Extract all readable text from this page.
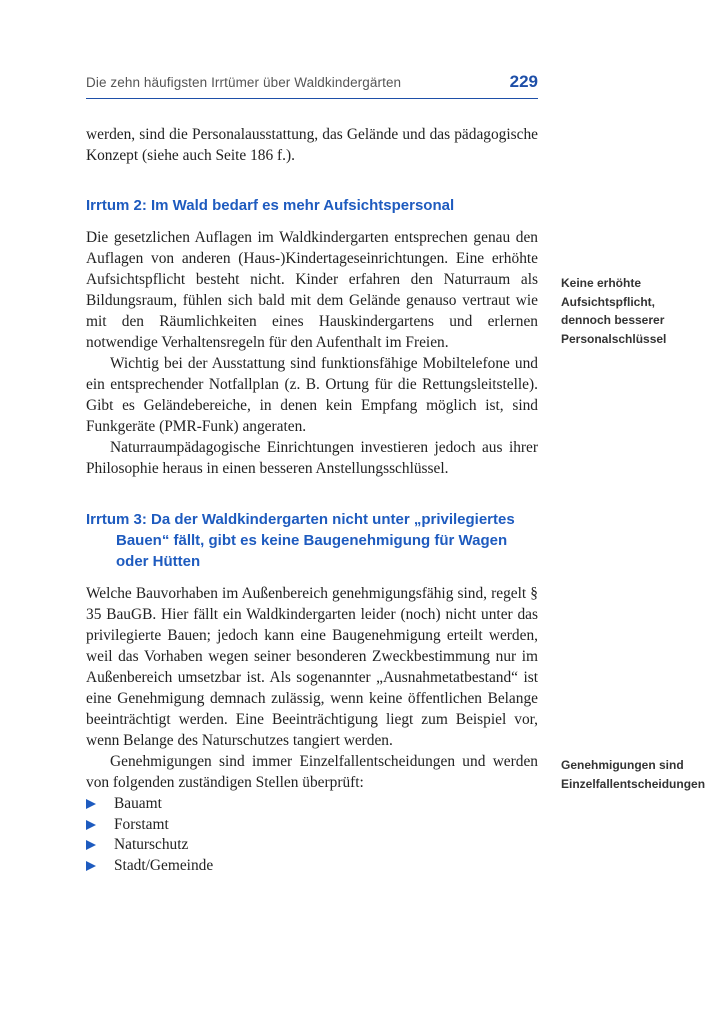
Die zehn häufigsten Irrtümer über Waldkindergärten	229

werden, sind die Personalausstattung, das Gelände und das pädagogische Konzept (siehe auch Seite 186 f.).

Irrtum 2: Im Wald bedarf es mehr Aufsichtspersonal

Die gesetzlichen Auflagen im Waldkindergarten entsprechen genau den Auflagen von anderen (Haus-)Kindertageseinrichtungen. Eine erhöhte Aufsichtspflicht besteht nicht. Kinder erfahren den Naturraum als Bildungsraum, fühlen sich bald mit dem Gelände genauso vertraut wie mit den Räumlichkeiten eines Hauskindergartens und erlernen notwendige Verhaltensregeln für den Aufenthalt im Freien.

Wichtig bei der Ausstattung sind funktionsfähige Mobiltelefone und ein entsprechender Notfallplan (z. B. Ortung für die Rettungsleitstelle). Gibt es Geländebereiche, in denen kein Empfang möglich ist, sind Funkgeräte (PMR-Funk) angeraten.

Naturraumpädagogische Einrichtungen investieren jedoch aus ihrer Philosophie heraus in einen besseren Anstellungsschlüssel.

Irrtum 3: Da der Waldkindergarten nicht unter „privilegiertes Bauen“ fällt, gibt es keine Baugenehmigung für Wagen oder Hütten

Welche Bauvorhaben im Außenbereich genehmigungsfähig sind, regelt § 35 BauGB. Hier fällt ein Waldkindergarten leider (noch) nicht unter das privilegierte Bauen; jedoch kann eine Baugenehmigung erteilt werden, weil das Vorhaben wegen seiner besonderen Zweckbestimmung nur im Außenbereich umsetzbar ist. Als sogenannter „Ausnahmetatbestand“ ist eine Genehmigung demnach zulässig, wenn keine öffentlichen Belange beeinträchtigt werden. Eine Beeinträchtigung liegt zum Beispiel vor, wenn Belange des Naturschutzes tangiert werden.

Genehmigungen sind immer Einzelfallentscheidungen und werden von folgenden zuständigen Stellen überprüft:

Bauamt
Forstamt
Naturschutz
Stadt/Gemeinde
Keine erhöhte Aufsichtspflicht, dennoch besserer Personalschlüssel
Genehmigungen sind Einzelfallentscheidungen
